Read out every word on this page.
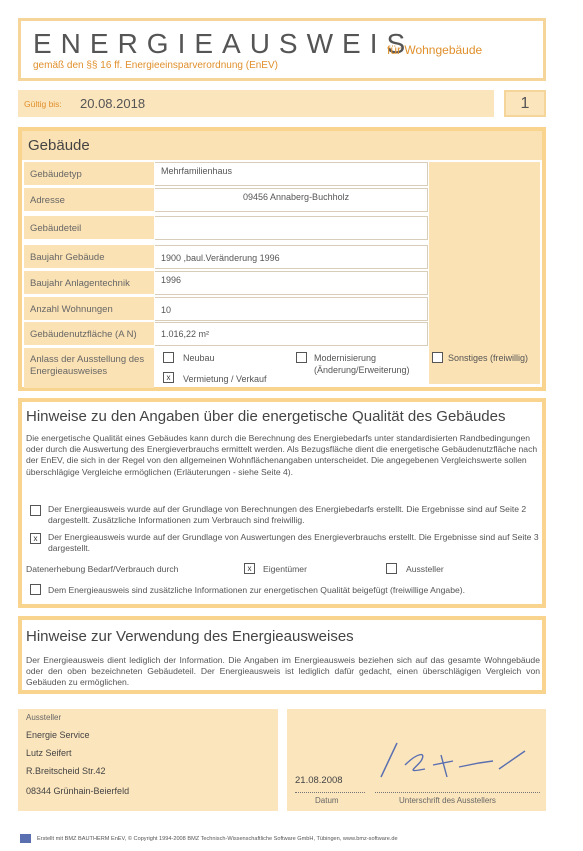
ENERGIEAUSWEIS
für Wohngebäude
gemäß den §§ 16 ff. Energieeinsparverordnung (EnEV)
Gültig bis: 20.08.2018	1
Gebäude
Gebäudetyp	Mehrfamilienhaus
Adresse	09456 Annaberg-Buchholz
Gebäudeteil
Baujahr Gebäude	1900 ,baul.Veränderung 1996
Baujahr Anlagentechnik	1996
Anzahl Wohnungen	10
Gebäudenutzfläche (A N)	1.016,22 m²
Anlass der Ausstellung des Energieausweises
Neubau
x	Vermietung / Verkauf
Modernisierung (Änderung/Erweiterung)
Sonstiges (freiwillig)
Hinweise zu den Angaben über die energetische Qualität des Gebäudes
Die energetische Qualität eines Gebäudes kann durch die Berechnung des Energiebedarfs unter standardisierten Randbedingungen oder durch die Auswertung des Energieverbrauchs ermittelt werden. Als Bezugsfläche dient die energetische Gebäudenutzfläche nach der EnEV, die sich in der Regel von den allgemeinen Wohnflächenangaben unterscheidet. Die angegebenen Vergleichswerte sollen überschlägige Vergleiche ermöglichen (Erläuterungen - siehe Seite 4).
Der Energieausweis wurde auf der Grundlage von Berechnungen des Energiebedarfs erstellt. Die Ergebnisse sind auf Seite 2 dargestellt. Zusätzliche Informationen zum Verbrauch sind freiwillig.
x	Der Energieausweis wurde auf der Grundlage von Auswertungen des Energieverbrauchs erstellt. Die Ergebnisse sind auf Seite 3 dargestellt.
Datenerhebung Bedarf/Verbrauch durch	x	Eigentümer	Aussteller
Dem Energieausweis sind zusätzliche Informationen zur energetischen Qualität beigefügt (freiwillige Angabe).
Hinweise zur Verwendung des Energieausweises
Der Energieausweis dient lediglich der Information. Die Angaben im Energieausweis beziehen sich auf das gesamte Wohngebäude oder den oben bezeichneten Gebäudeteil. Der Energieausweis ist lediglich dafür gedacht, einen überschlägigen Vergleich von Gebäuden zu ermöglichen.
Aussteller
Energie Service
Lutz Seifert
R.Breitscheid Str.42
08344 Grünhain-Beierfeld
21.08.2008
Datum	Unterschrift des Ausstellers
Erstellt mit BMZ BAUTHERM EnEV, © Copyright 1994-2008 BMZ Technisch-Wissenschaftliche Software GmbH, Tübingen, www.bmz-software.de
